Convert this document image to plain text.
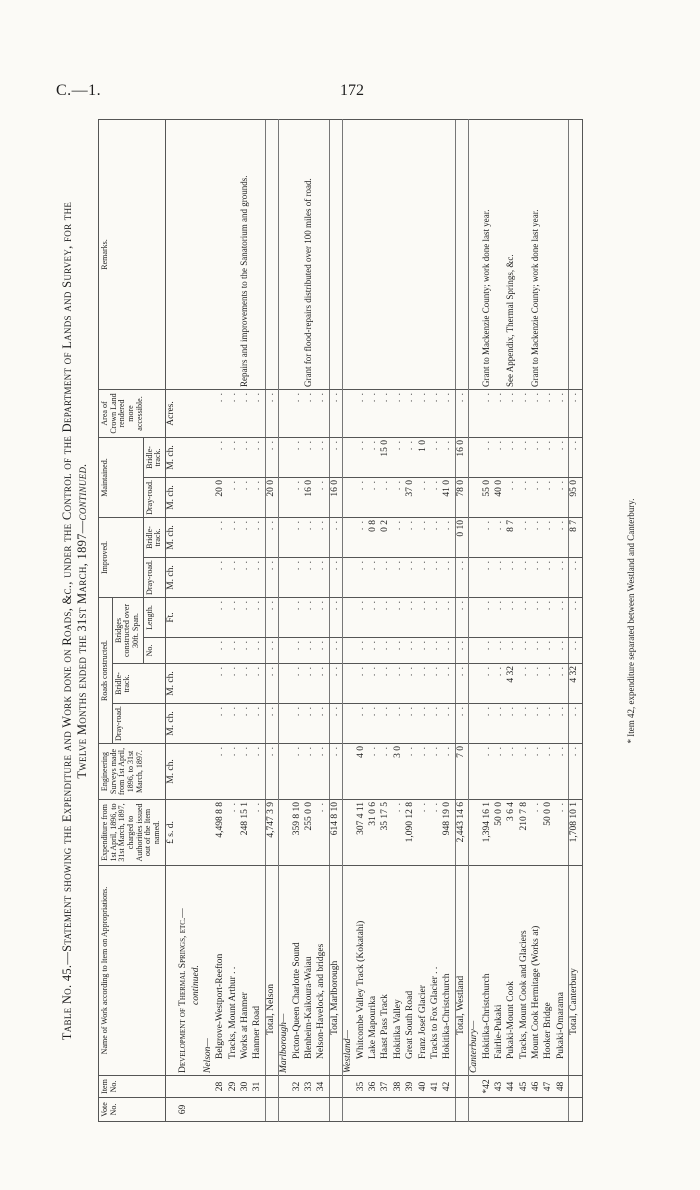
C.—1.	172
Table No. 45.—Statement showing the Expenditure and Work done on Roads, &c., under the Control of the Department of Lands and Survey, for the Twelve Months ended the 31st March, 1897—continued.
Vote No.	Item No.	Name of Work according to Item on Appropriations.	Expenditure from 1st April, 1896, to 31st March, 1897, charged to Authorities issued out of the Item named.	Engineering Surveys made from 1st April, 1896, to 31st March, 1897.	Roads constructed.				Improved.		Maintained.		Area of Crown Land rendered more accessible.	Remarks.
					Dray-road.	Bridle-track.	Bridges constructed over 30ft. Span.							
							No.	Length.	Dray-road.	Bridle-track.	Dray-road.	Bridle-track.		
			£ s. d.	M. ch.	M. ch.	M. ch.		Ft.	M. ch.	M. ch.	M. ch.	M. ch.	Acres.	
69		Development of Thermal Springs, etc.—												
		continued.												
		Nelson—												
	28	Belgrove-Westport-Reefton	4,498 8 8	. .	. .	. .	. .	. .	. .	. .	20 0	. .	. .	
	29	Tracks, Mount Arthur . .	. .	. .	. .	. .	. .	. .	. .	. .	. .	. .	. .	
	30	Works at Hanmer	248 15 1	. .	. .	. .	. .	. .	. .	. .	. .	. .	. .	Repairs and improvements to the Sanatorium and grounds.
	31	Hanmer Road	. .	. .	. .	. .	. .	. .	. .	. .	. .	. .	. .	
		Total, Nelson	4,747 3 9	. .	. .	. .	. .	. .	. .	. .	20 0	. .	. .	
		Marlborough—												
	32	Picton-Queen Charlotte Sound	359 8 10	. .	. .	. .	. .	. .	. .	. .	. .	. .	. .	
	33	Blenheim-Kaikoura-Waiau	255 0 0	. .	. .	. .	. .	. .	. .	. .	16 0	. .	. .	Grant for flood-repairs distributed over 100 miles of road.
	34	Nelson-Havelock, and bridges	. .	. .	. .	. .	. .	. .	. .	. .	. .	. .	. .	
		Total, Marlborough	614 8 10	. .	. .	. .	. .	. .	. .	. .	16 0	. .	. .	
		Westland—												
	35	Whitcombe Valley Track (Kokatahi)	307 4 11	4 0	. .	. .	. .	. .	. .	. .	. .	. .	. .	
	36	Lake Mapourika	31 0 6	. .	. .	. .	. .	. .	. .	0 8	. .	. .	. .	
	37	Haast Pass Track	35 17 5	. .	. .	. .	. .	. .	. .	0 2	. .	15 0	. .	
	38	Hokitika Valley	. .	3 0	. .	. .	. .	. .	. .	. .	. .	. .	. .	
	39	Great South Road	1,090 12 8	. .	. .	. .	. .	. .	. .	. .	37 0	. .	. .	
	40	Franz Josef Glacier	. .	. .	. .	. .	. .	. .	. .	. .	. .	1 0	. .	
	41	Tracks to Fox Glacier . .	. .	. .	. .	. .	. .	. .	. .	. .	. .	. .	. .	
	42	Hokitika-Christchurch	948 19 0	. .	. .	. .	. .	. .	. .	. .	41 0	. .	. .	
		Total, Westland	2,443 14 6	7 0	. .	. .	. .	. .	. .	0 10	78 0	16 0	. .	
		Canterbury—												
	*42	Hokitika-Christchurch	1,394 16 1	. .	. .	. .	. .	. .	. .	. .	55 0	. .	. .	Grant to Mackenzie County; work done last year.
	43	Fairlie-Pukaki	50 0 0	. .	. .	. .	. .	. .	. .	. .	40 0	. .	. .	
	44	Pukaki-Mount Cook	3 6 4	. .	. .	4 32	. .	. .	. .	8 7	. .	. .	. .	See Appendix, Thermal Springs, &c.
	45	Tracks, Mount Cook and Glaciers	210 7 8	. .	. .	. .	. .	. .	. .	. .	. .	. .	. .	
	46	Mount Cook Hermitage (Works at)	. .	. .	. .	. .	. .	. .	. .	. .	. .	. .	. .	Grant to Mackenzie County; work done last year.
	47	Hooker Bridge	50 0 0	. .	. .	. .	. .	. .	. .	. .	. .	. .	. .	
	48	Pukaki-Omarama	. .	. .	. .	. .	. .	. .	. .	. .	. .	. .	. .	
		Total, Canterbury	1,708 10 1	. .	. .	4 32	. .	. .	. .	8 7	95 0	. .	. .	
* Item 42, expenditure separated between Westland and Canterbury.
